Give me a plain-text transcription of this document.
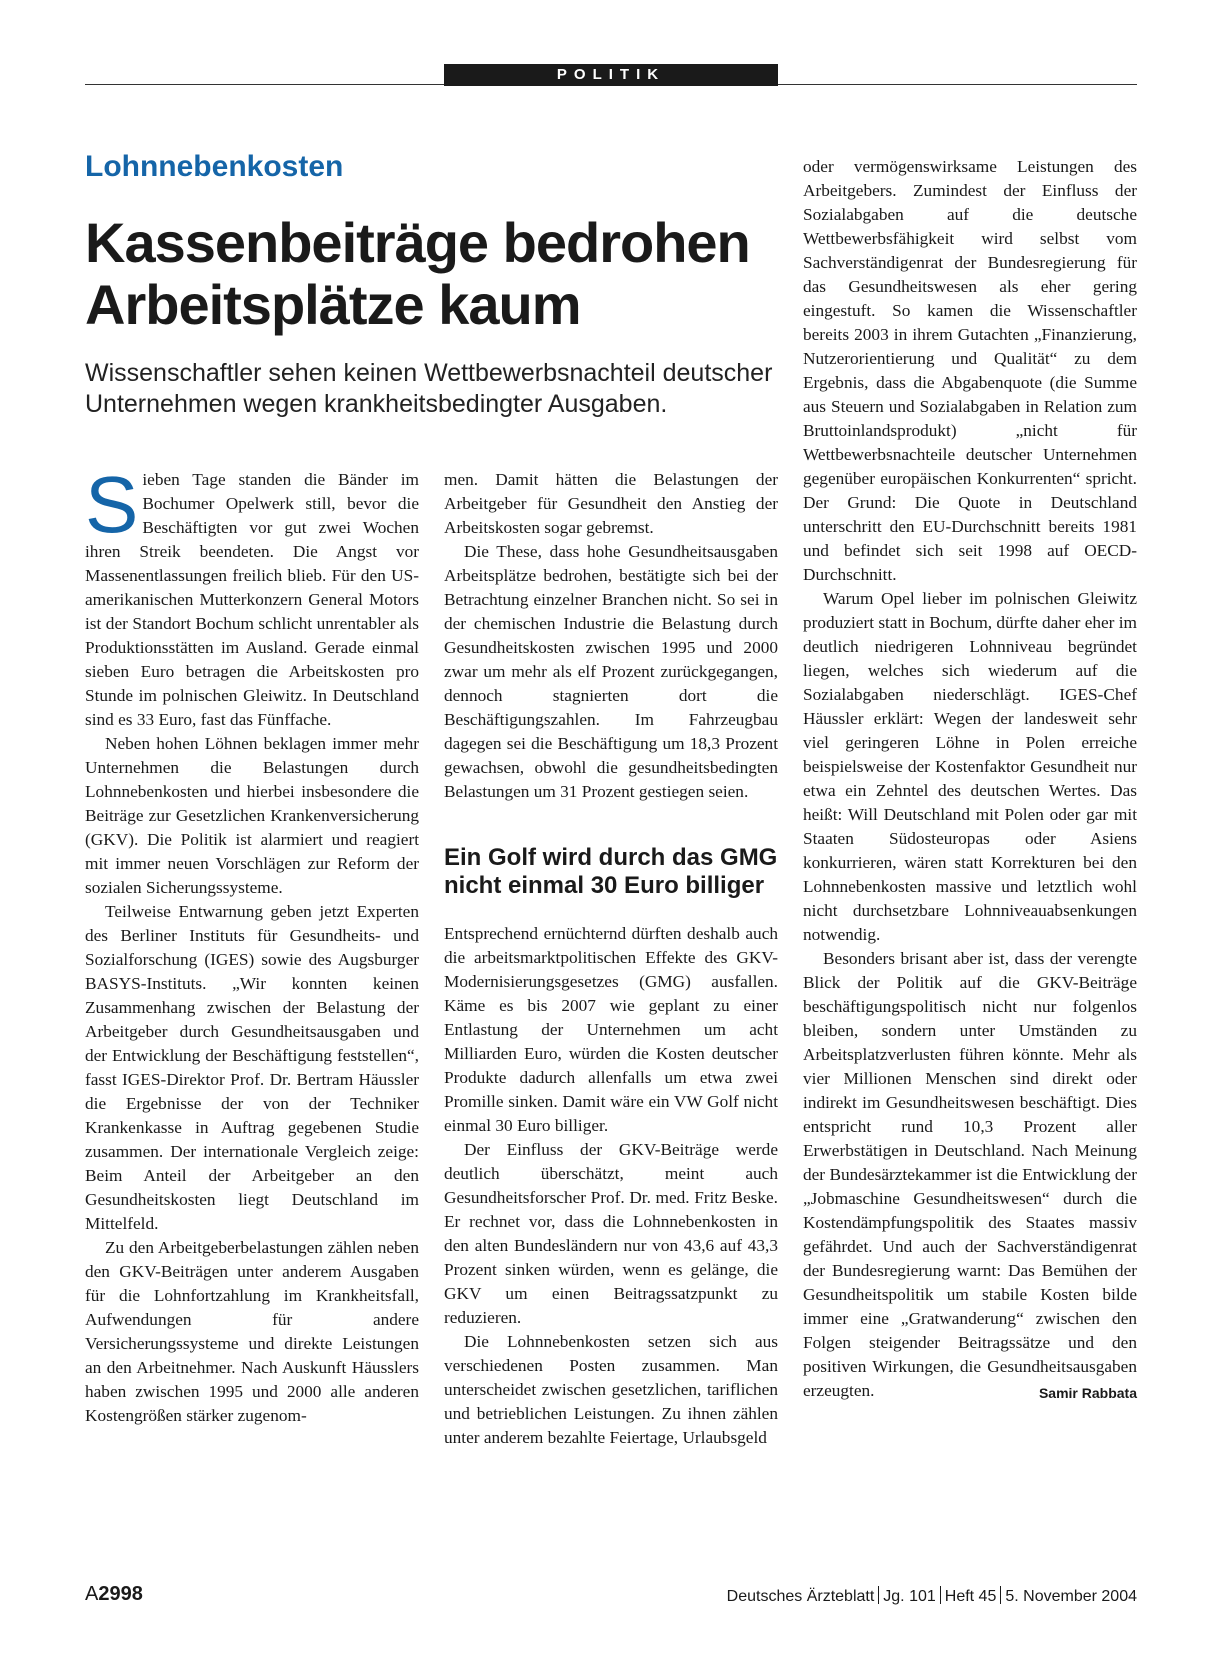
POLITIK
Lohnnebenkosten
Kassenbeiträge bedrohen Arbeitsplätze kaum
Wissenschaftler sehen keinen Wettbewerbsnachteil deutscher Unternehmen wegen krankheitsbedingter Ausgaben.

Sieben Tage standen die Bänder im Bochumer Opelwerk still, bevor die Beschäftigten vor gut zwei Wochen ihren Streik beendeten. Die Angst vor Massenentlassungen freilich blieb. Für den US-amerikanischen Mutterkonzern General Motors ist der Standort Bochum schlicht unrentabler als Produktionsstätten im Ausland. Gerade einmal sieben Euro betragen die Arbeitskosten pro Stunde im polnischen Gleiwitz. In Deutschland sind es 33 Euro, fast das Fünffache.

Neben hohen Löhnen beklagen immer mehr Unternehmen die Belastungen durch Lohnnebenkosten und hierbei insbesondere die Beiträge zur Gesetzlichen Krankenversicherung (GKV). Die Politik ist alarmiert und reagiert mit immer neuen Vorschlägen zur Reform der sozialen Sicherungssysteme.

Teilweise Entwarnung geben jetzt Experten des Berliner Instituts für Gesundheits- und Sozialforschung (IGES) sowie des Augsburger BASYS-Instituts. „Wir konnten keinen Zusammenhang zwischen der Belastung der Arbeitgeber durch Gesundheitsausgaben und der Entwicklung der Beschäftigung feststellen“, fasst IGES-Direktor Prof. Dr. Bertram Häussler die Ergebnisse der von der Techniker Krankenkasse in Auftrag gegebenen Studie zusammen. Der internationale Vergleich zeige: Beim Anteil der Arbeitgeber an den Gesundheitskosten liegt Deutschland im Mittelfeld.

Zu den Arbeitgeberbelastungen zählen neben den GKV-Beiträgen unter anderem Ausgaben für die Lohnfortzahlung im Krankheitsfall, Aufwendungen für andere Versicherungssysteme und direkte Leistungen an den Arbeitnehmer. Nach Auskunft Häusslers haben zwischen 1995 und 2000 alle anderen Kostengrößen stärker zugenom-

men. Damit hätten die Belastungen der Arbeitgeber für Gesundheit den Anstieg der Arbeitskosten sogar gebremst.

Die These, dass hohe Gesundheitsausgaben Arbeitsplätze bedrohen, bestätigte sich bei der Betrachtung einzelner Branchen nicht. So sei in der chemischen Industrie die Belastung durch Gesundheitskosten zwischen 1995 und 2000 zwar um mehr als elf Prozent zurückgegangen, dennoch stagnierten dort die Beschäftigungszahlen. Im Fahrzeugbau dagegen sei die Beschäftigung um 18,3 Prozent gewachsen, obwohl die gesundheitsbedingten Belastungen um 31 Prozent gestiegen seien.

Ein Golf wird durch das GMG nicht einmal 30 Euro billiger

Entsprechend ernüchternd dürften deshalb auch die arbeitsmarktpolitischen Effekte des GKV-Modernisierungsgesetzes (GMG) ausfallen. Käme es bis 2007 wie geplant zu einer Entlastung der Unternehmen um acht Milliarden Euro, würden die Kosten deutscher Produkte dadurch allenfalls um etwa zwei Promille sinken. Damit wäre ein VW Golf nicht einmal 30 Euro billiger.

Der Einfluss der GKV-Beiträge werde deutlich überschätzt, meint auch Gesundheitsforscher Prof. Dr. med. Fritz Beske. Er rechnet vor, dass die Lohnnebenkosten in den alten Bundesländern nur von 43,6 auf 43,3 Prozent sinken würden, wenn es gelänge, die GKV um einen Beitragssatzpunkt zu reduzieren.

Die Lohnnebenkosten setzen sich aus verschiedenen Posten zusammen. Man unterscheidet zwischen gesetzlichen, tariflichen und betrieblichen Leistungen. Zu ihnen zählen unter anderem bezahlte Feiertage, Urlaubsgeld

oder vermögenswirksame Leistungen des Arbeitgebers. Zumindest der Einfluss der Sozialabgaben auf die deutsche Wettbewerbsfähigkeit wird selbst vom Sachverständigenrat der Bundesregierung für das Gesundheitswesen als eher gering eingestuft. So kamen die Wissenschaftler bereits 2003 in ihrem Gutachten „Finanzierung, Nutzerorientierung und Qualität“ zu dem Ergebnis, dass die Abgabenquote (die Summe aus Steuern und Sozialabgaben in Relation zum Bruttoinlandsprodukt) „nicht für Wettbewerbsnachteile deutscher Unternehmen gegenüber europäischen Konkurrenten“ spricht. Der Grund: Die Quote in Deutschland unterschritt den EU-Durchschnitt bereits 1981 und befindet sich seit 1998 auf OECD-Durchschnitt.

Warum Opel lieber im polnischen Gleiwitz produziert statt in Bochum, dürfte daher eher im deutlich niedrigeren Lohnniveau begründet liegen, welches sich wiederum auf die Sozialabgaben niederschlägt. IGES-Chef Häussler erklärt: Wegen der landesweit sehr viel geringeren Löhne in Polen erreiche beispielsweise der Kostenfaktor Gesundheit nur etwa ein Zehntel des deutschen Wertes. Das heißt: Will Deutschland mit Polen oder gar mit Staaten Südosteuropas oder Asiens konkurrieren, wären statt Korrekturen bei den Lohnnebenkosten massive und letztlich wohl nicht durchsetzbare Lohnniveauabsenkungen notwendig.

Besonders brisant aber ist, dass der verengte Blick der Politik auf die GKV-Beiträge beschäftigungspolitisch nicht nur folgenlos bleiben, sondern unter Umständen zu Arbeitsplatzverlusten führen könnte. Mehr als vier Millionen Menschen sind direkt oder indirekt im Gesundheitswesen beschäftigt. Dies entspricht rund 10,3 Prozent aller Erwerbstätigen in Deutschland. Nach Meinung der Bundesärztekammer ist die Entwicklung der „Jobmaschine Gesundheitswesen“ durch die Kostendämpfungspolitik des Staates massiv gefährdet. Und auch der Sachverständigenrat der Bundesregierung warnt: Das Bemühen der Gesundheitspolitik um stabile Kosten bilde immer eine „Gratwanderung“ zwischen den Folgen steigender Beitragssätze und den positiven Wirkungen, die Gesundheitsausgaben erzeugten.	Samir Rabbata

A2998	Deutsches Ärzteblatt Jg. 101 Heft 45 5. November 2004
